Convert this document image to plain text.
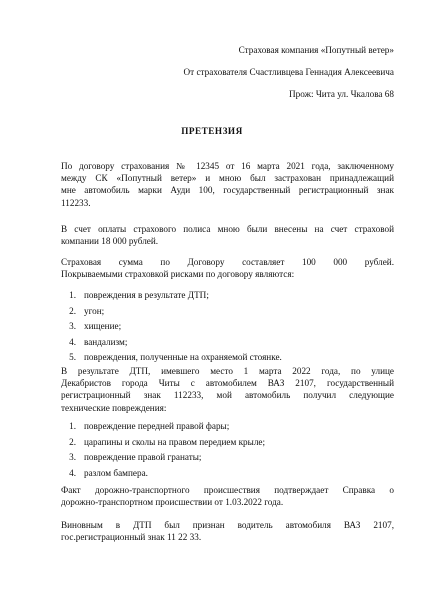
Страховая компания «Попутный ветер»
От страхователя Счастливцева Геннадия Алексеевича
Прож: Чита ул. Чкалова 68
ПРЕТЕНЗИЯ
По договору страхования № 12345 от 16 марта 2021 года, заключенному
между СК «Попутный ветер» и мною был застрахован принадлежащий
мне автомобиль марки Ауди 100, государственный регистрационный знак
112233.
В счет оплаты страхового полиса мною были внесены на счет страховой
компании 18 000 рублей.
Страховая сумма по Договору составляет 100 000 рублей.
Покрываемыми страховкой рисками по договору являются:
1. повреждения в результате ДТП;
2. угон;
3. хищение;
4. вандализм;
5. повреждения, полученные на охраняемой стоянке.
В результате ДТП, имевшего место 1 марта 2022 года, по улице
Декабристов города Читы с автомобилем ВАЗ 2107, государственный
регистрационный знак 112233, мой автомобиль получил следующие
технические повреждения:
1. повреждение передней правой фары;
2. царапины и сколы на правом передием крыле;
3. повреждение правой гранаты;
4. разлом бампера.
Факт дорожно-транспортного происшествия подтверждает Справка о
дорожно-транспортном происшествии от 1.03.2022 года.
Виновным в ДТП был признан водитель автомобиля ВАЗ 2107,
гос.регистрационный знак 11 22 33.
